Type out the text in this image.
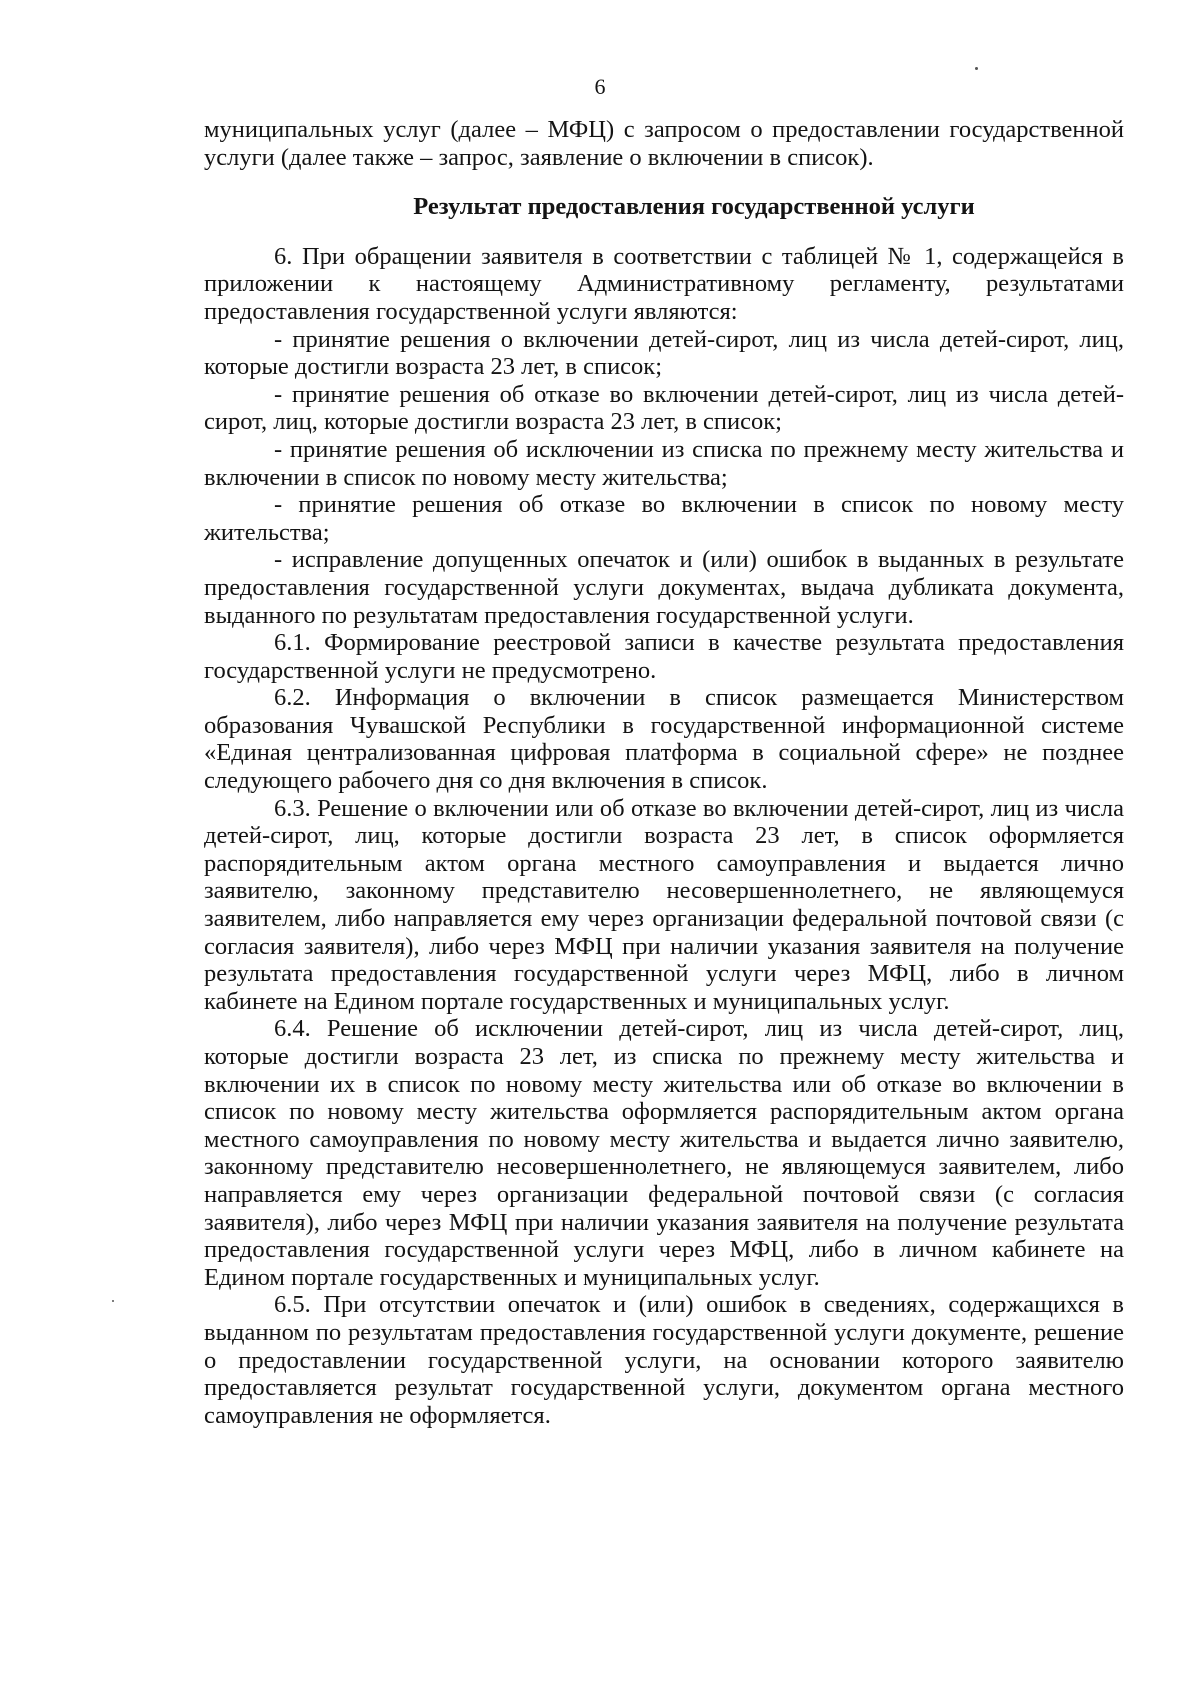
6

муниципальных услуг (далее – МФЦ) с запросом о предоставлении государственной услуги (далее также – запрос, заявление о включении в список).

Результат предоставления государственной услуги

6. При обращении заявителя в соответствии с таблицей № 1, содержащейся в приложении к настоящему Административному регламенту, результатами предоставления государственной услуги являются:

- принятие решения о включении детей-сирот, лиц из числа детей-сирот, лиц, которые достигли возраста 23 лет, в список;

- принятие решения об отказе во включении детей-сирот, лиц из числа детей-сирот, лиц, которые достигли возраста 23 лет, в список;

- принятие решения об исключении из списка по прежнему месту жительства и включении в список по новому месту жительства;

- принятие решения об отказе во включении в список по новому месту жительства;

- исправление допущенных опечаток и (или) ошибок в выданных в результате предоставления государственной услуги документах, выдача дубликата документа, выданного по результатам предоставления государственной услуги.

6.1. Формирование реестровой записи в качестве результата предоставления государственной услуги не предусмотрено.

6.2. Информация о включении в список размещается Министерством образования Чувашской Республики в государственной информационной системе «Единая централизованная цифровая платформа в социальной сфере» не позднее следующего рабочего дня со дня включения в список.

6.3. Решение о включении или об отказе во включении детей-сирот, лиц из числа детей-сирот, лиц, которые достигли возраста 23 лет, в список оформляется распорядительным актом органа местного самоуправления и выдается лично заявителю, законному представителю несовершеннолетнего, не являющемуся заявителем, либо направляется ему через организации федеральной почтовой связи (с согласия заявителя), либо через МФЦ при наличии указания заявителя на получение результата предоставления государственной услуги через МФЦ, либо в личном кабинете на Едином портале государственных и муниципальных услуг.

6.4. Решение об исключении детей-сирот, лиц из числа детей-сирот, лиц, которые достигли возраста 23 лет, из списка по прежнему месту жительства и включении их в список по новому месту жительства или об отказе во включении в список по новому месту жительства оформляется распорядительным актом органа местного самоуправления по новому месту жительства и выдается лично заявителю, законному представителю несовершеннолетнего, не являющемуся заявителем, либо направляется ему через организации федеральной почтовой связи (с согласия заявителя), либо через МФЦ при наличии указания заявителя на получение результата предоставления государственной услуги через МФЦ, либо в личном кабинете на Едином портале государственных и муниципальных услуг.

6.5. При отсутствии опечаток и (или) ошибок в сведениях, содержащихся в выданном по результатам предоставления государственной услуги документе, решение о предоставлении государственной услуги, на основании которого заявителю предоставляется результат государственной услуги, документом органа местного самоуправления не оформляется.
